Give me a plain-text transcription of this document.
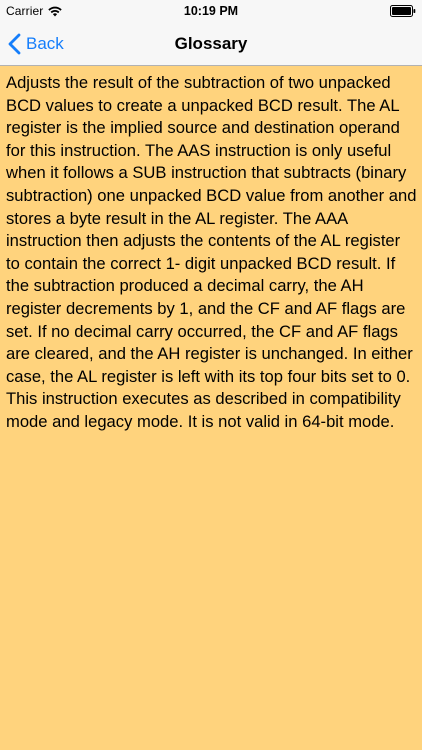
Carrier	10:19 PM
Back	Glossary
Adjusts the result of the subtraction of two unpacked BCD values to create a unpacked BCD result. The AL register is the implied source and destination operand for this instruction. The AAS instruction is only useful when it follows a SUB instruction that subtracts (binary subtraction) one unpacked BCD value from another and stores a byte result in the AL register. The AAA instruction then adjusts the contents of the AL register to contain the correct 1- digit unpacked BCD result. If the subtraction produced a decimal carry, the AH register decrements by 1, and the CF and AF flags are set. If no decimal carry occurred, the CF and AF flags are cleared, and the AH register is unchanged. In either case, the AL register is left with its top four bits set to 0. This instruction executes as described in compatibility mode and legacy mode. It is not valid in 64-bit mode.
